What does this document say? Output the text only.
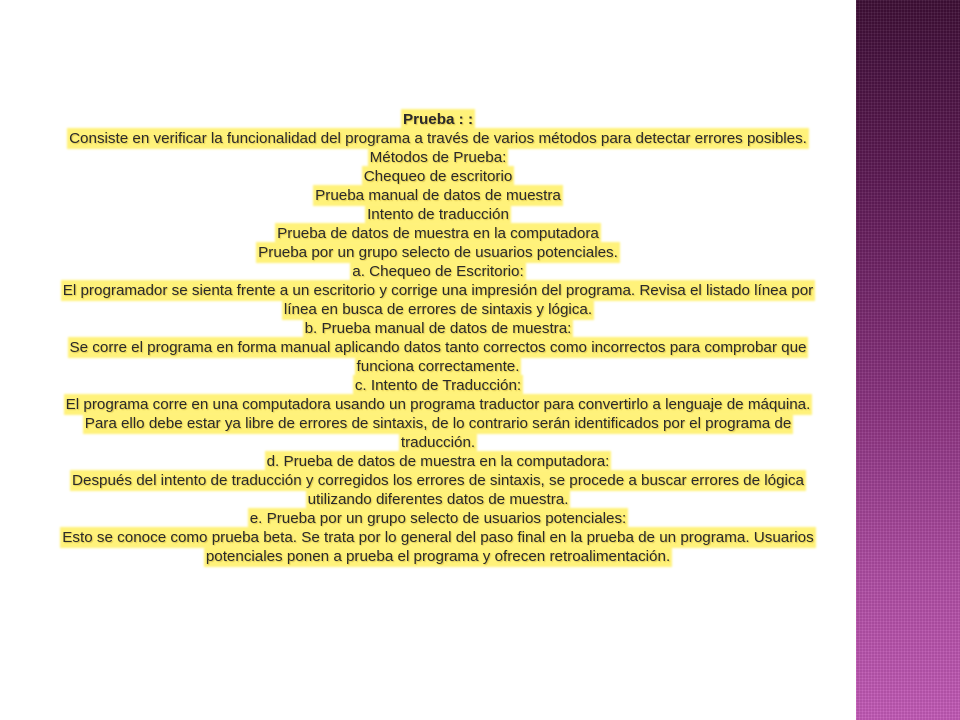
Prueba : :

Consiste en verificar la funcionalidad del programa a través de varios métodos para detectar errores posibles.

Métodos de Prueba:

Chequeo de escritorio

Prueba manual de datos de muestra

Intento de traducción

Prueba de datos de muestra en la computadora

Prueba por un grupo selecto de usuarios potenciales.

a. Chequeo de Escritorio:

El programador se sienta frente a un escritorio y corrige una impresión del programa. Revisa el listado línea por línea en busca de errores de sintaxis y lógica.

b. Prueba manual de datos de muestra:

Se corre el programa en forma manual aplicando datos tanto correctos como incorrectos para comprobar que funciona correctamente.

c. Intento de Traducción:

El programa corre en una computadora usando un programa traductor para convertirlo a lenguaje de máquina. Para ello debe estar ya libre de errores de sintaxis, de lo contrario serán identificados por el programa de traducción.

d. Prueba de datos de muestra en la computadora:

Después del intento de traducción y corregidos los errores de sintaxis, se procede a buscar errores de lógica utilizando diferentes datos de muestra.

e. Prueba por un grupo selecto de usuarios potenciales:

Esto se conoce como prueba beta. Se trata por lo general del paso final en la prueba de un programa. Usuarios potenciales ponen a prueba el programa y ofrecen retroalimentación.
